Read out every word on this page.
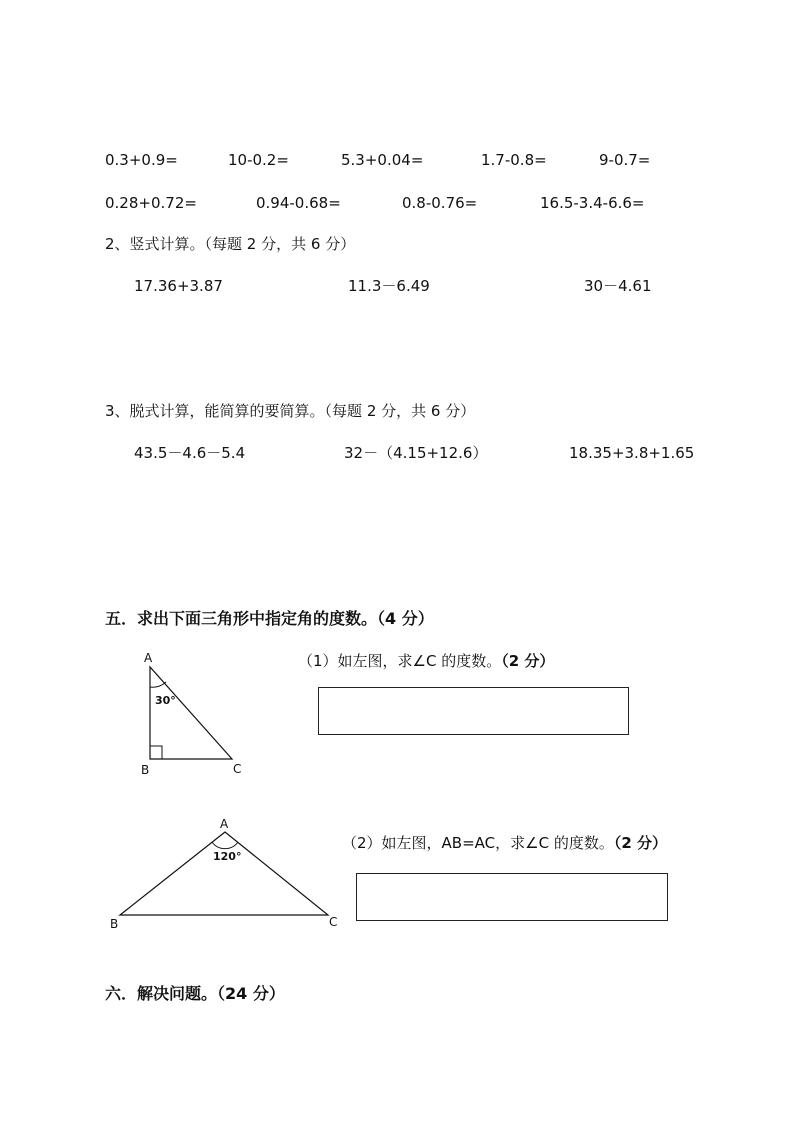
0.3+0.9=	10-0.2=	5.3+0.04=	1.7-0.8=	9-0.7=
0.28+0.72=	0.94-0.68=	0.8-0.76=	16.5-3.4-6.6=
2、竖式计算。（每题 2 分，共 6 分）
17.36+3.87	11.3－6.49	30－4.61
3、脱式计算，能简算的要简算。（每题 2 分，共 6 分）
43.5－4.6－5.4	32－（4.15+12.6）	18.35+3.8+1.65
五．求出下面三角形中指定角的度数。（4 分）
A
B	C
30°
（1）如左图，求∠C 的度数。（2 分）
A
B	C
120°
（2）如左图，AB=AC，求∠C 的度数。（2 分）
六．解决问题。（24 分）
